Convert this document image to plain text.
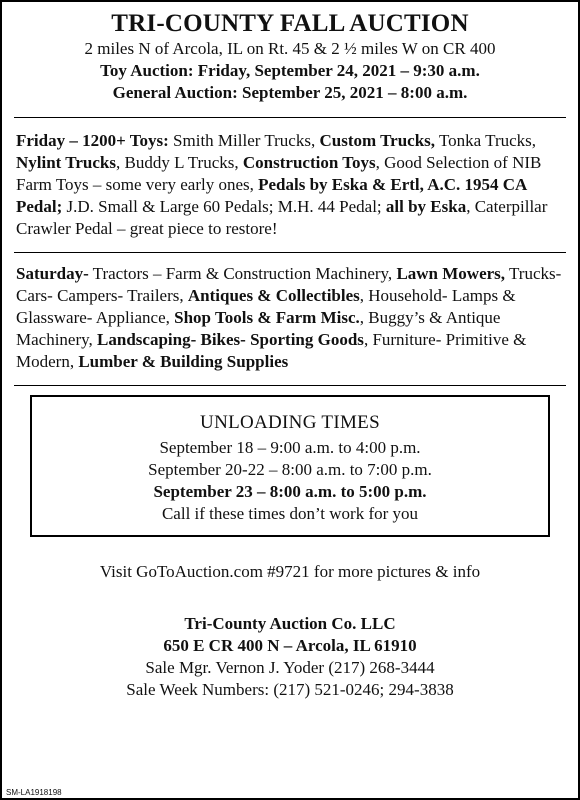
TRI-COUNTY FALL AUCTION

2 miles N of Arcola, IL on Rt. 45 & 2 ½ miles W on CR 400

Toy Auction: Friday, September 24, 2021 – 9:30 a.m.

General Auction: September 25, 2021 – 8:00 a.m.

Friday – 1200+ Toys: Smith Miller Trucks, Custom Trucks, Tonka Trucks, Nylint Trucks, Buddy L Trucks, Construction Toys, Good Selection of NIB Farm Toys – some very early ones, Pedals by Eska & Ertl, A.C. 1954 CA Pedal; J.D. Small & Large 60 Pedals; M.H. 44 Pedal; all by Eska, Caterpillar Crawler Pedal – great piece to restore!

Saturday- Tractors – Farm & Construction Machinery, Lawn Mowers, Trucks- Cars- Campers- Trailers, Antiques & Collectibles, Household- Lamps & Glassware- Appliance, Shop Tools & Farm Misc., Buggy’s & Antique Machinery, Landscaping- Bikes- Sporting Goods, Furniture- Primitive & Modern, Lumber & Building Supplies

UNLOADING TIMES

September 18 – 9:00 a.m. to 4:00 p.m.

September 20-22 – 8:00 a.m. to 7:00 p.m.

September 23 – 8:00 a.m. to 5:00 p.m.

Call if these times don’t work for you

Visit GoToAuction.com #9721 for more pictures & info

Tri-County Auction Co. LLC

650 E CR 400 N – Arcola, IL 61910

Sale Mgr. Vernon J. Yoder (217) 268-3444

Sale Week Numbers: (217) 521-0246; 294-3838

SM-LA1918198
